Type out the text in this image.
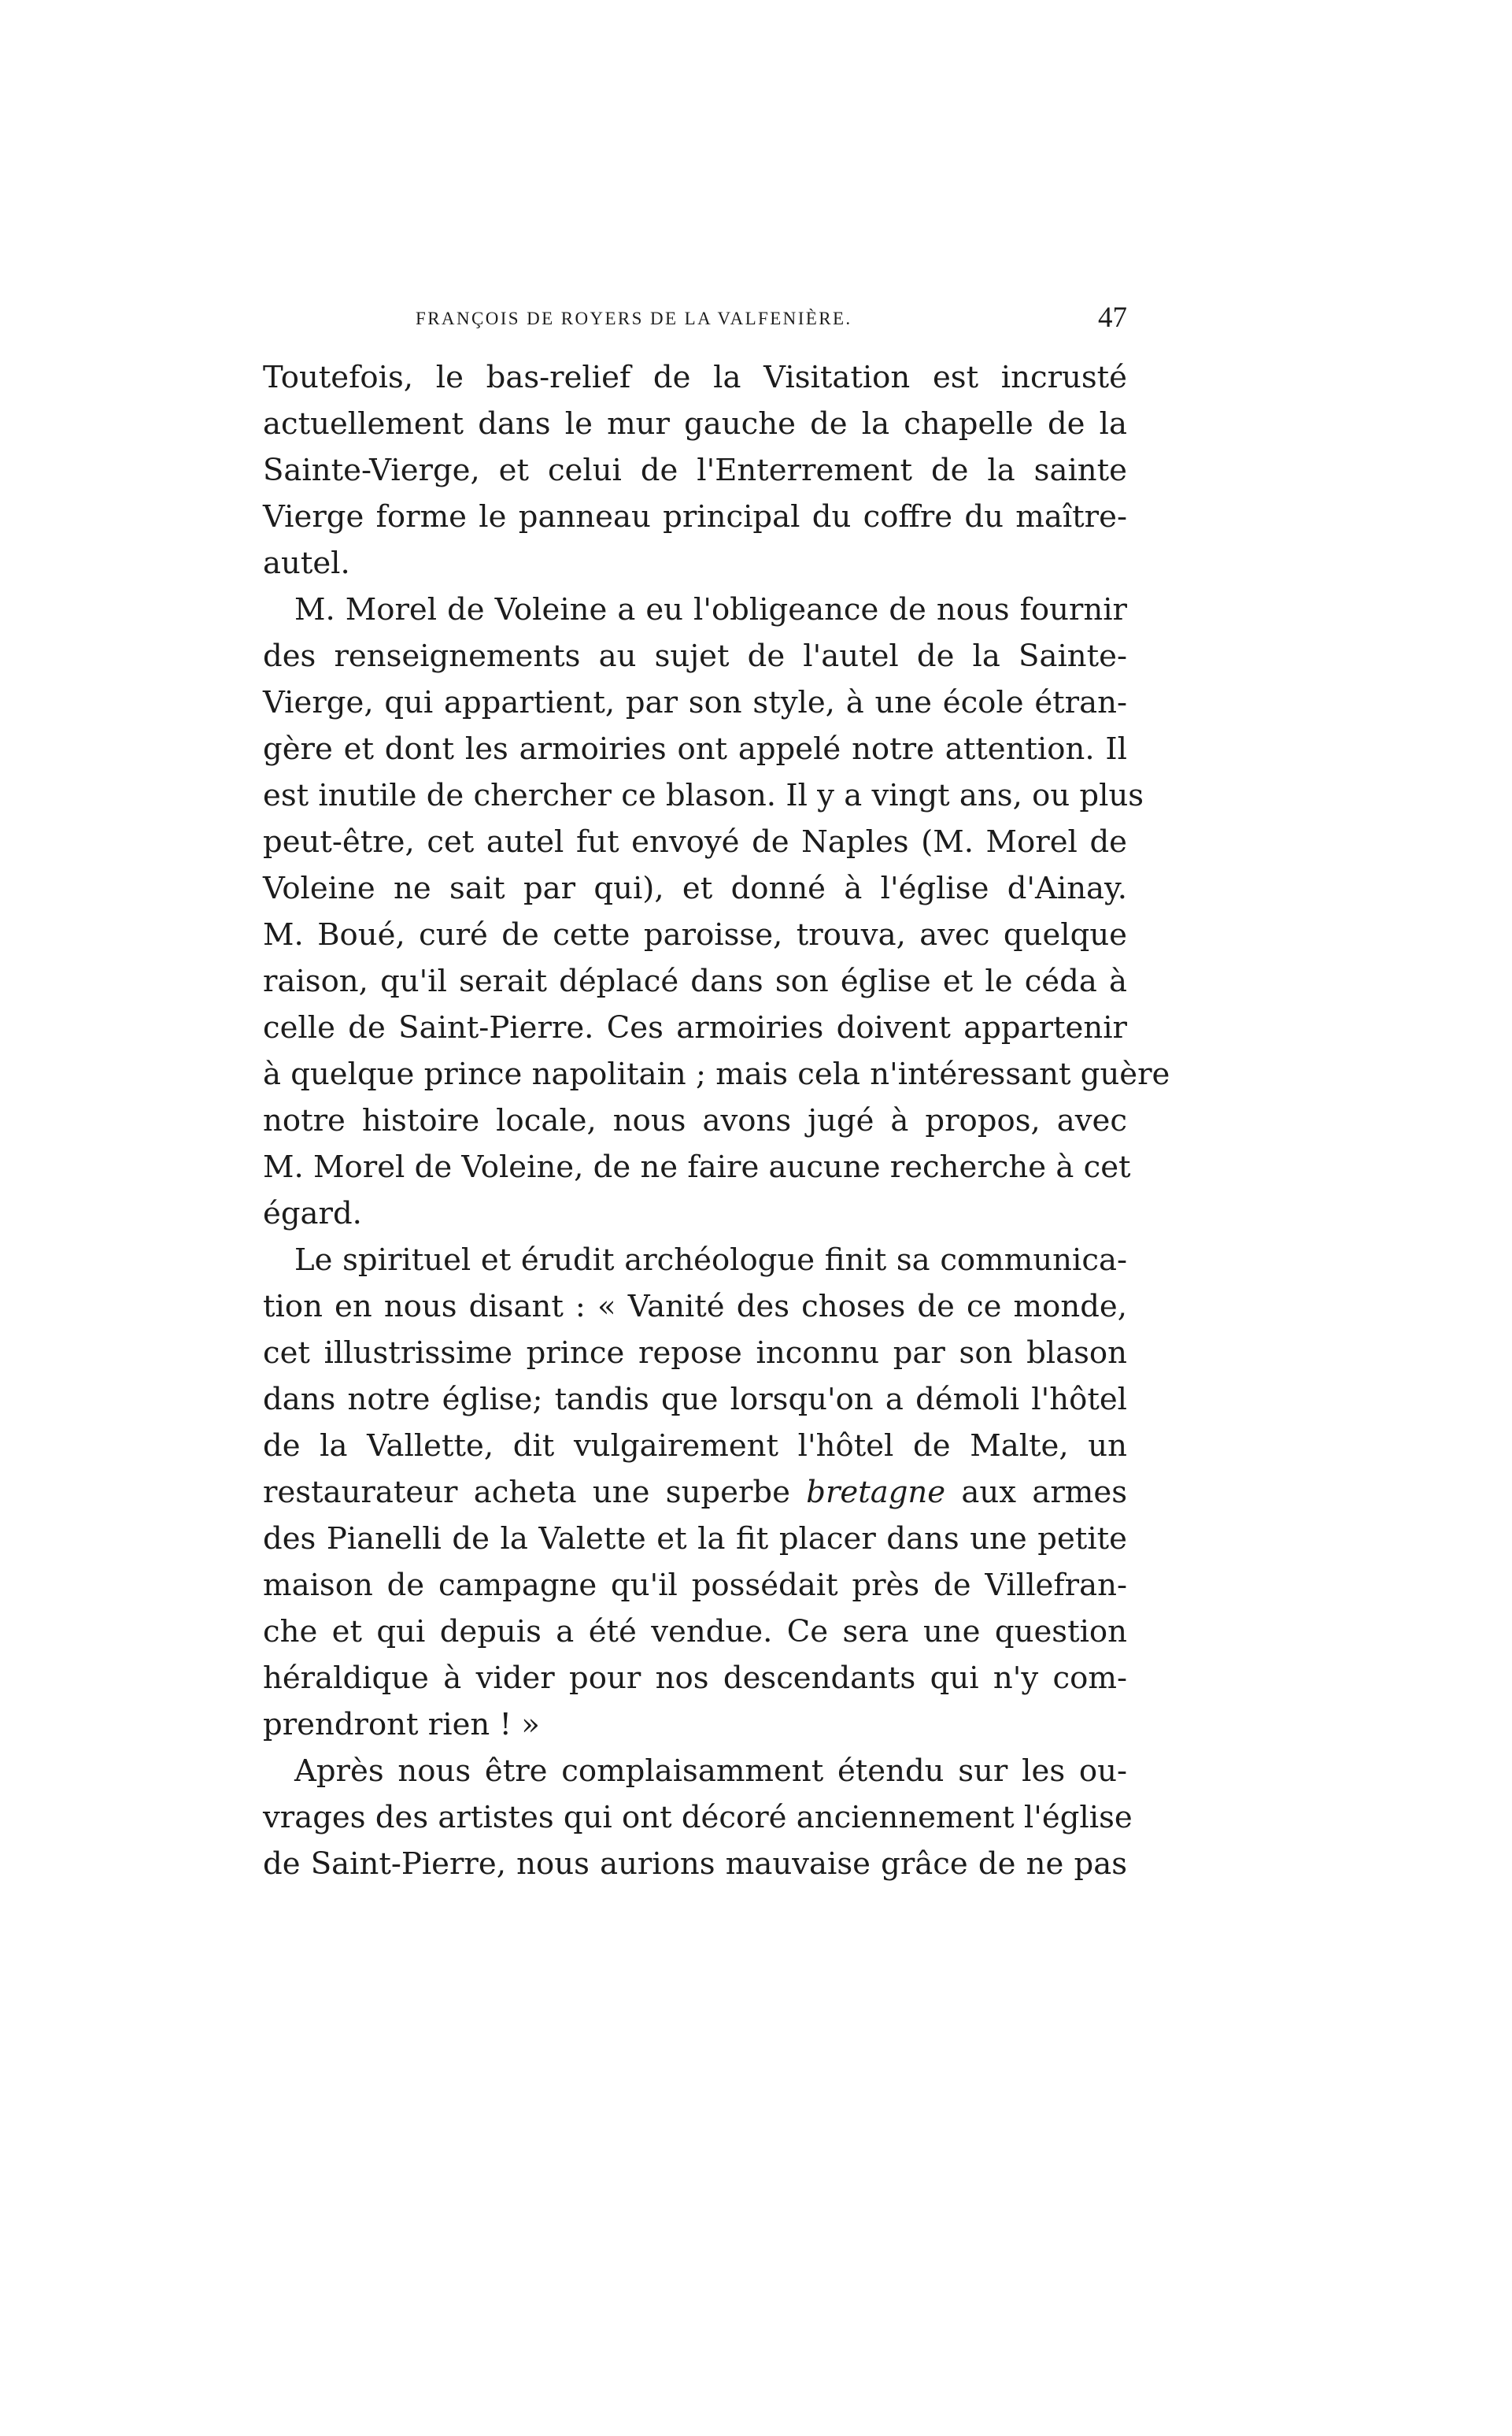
FRANÇOIS DE ROYERS DE LA VALFENIÈRE.	47
Toutefois, le bas-relief de la Visitation est incrusté
actuellement dans le mur gauche de la chapelle de la
Sainte-Vierge, et celui de l'Enterrement de la sainte
Vierge forme le panneau principal du coffre du maître-
autel.
M. Morel de Voleine a eu l'obligeance de nous fournir
des renseignements au sujet de l'autel de la Sainte-
Vierge, qui appartient, par son style, à une école étran-
gère et dont les armoiries ont appelé notre attention. Il
est inutile de chercher ce blason. Il y a vingt ans, ou plus
peut-être, cet autel fut envoyé de Naples (M. Morel de
Voleine ne sait par qui), et donné à l'église d'Ainay.
M. Boué, curé de cette paroisse, trouva, avec quelque
raison, qu'il serait déplacé dans son église et le céda à
celle de Saint-Pierre. Ces armoiries doivent appartenir
à quelque prince napolitain ; mais cela n'intéressant guère
notre histoire locale, nous avons jugé à propos, avec
M. Morel de Voleine, de ne faire aucune recherche à cet
égard.
Le spirituel et érudit archéologue finit sa communica-
tion en nous disant : « Vanité des choses de ce monde,
cet illustrissime prince repose inconnu par son blason
dans notre église; tandis que lorsqu'on a démoli l'hôtel
de la Vallette, dit vulgairement l'hôtel de Malte, un
restaurateur acheta une superbe bretagne aux armes
des Pianelli de la Valette et la fit placer dans une petite
maison de campagne qu'il possédait près de Villefran-
che et qui depuis a été vendue. Ce sera une question
héraldique à vider pour nos descendants qui n'y com-
prendront rien ! »
Après nous être complaisamment étendu sur les ou-
vrages des artistes qui ont décoré anciennement l'église
de Saint-Pierre, nous aurions mauvaise grâce de ne pas
